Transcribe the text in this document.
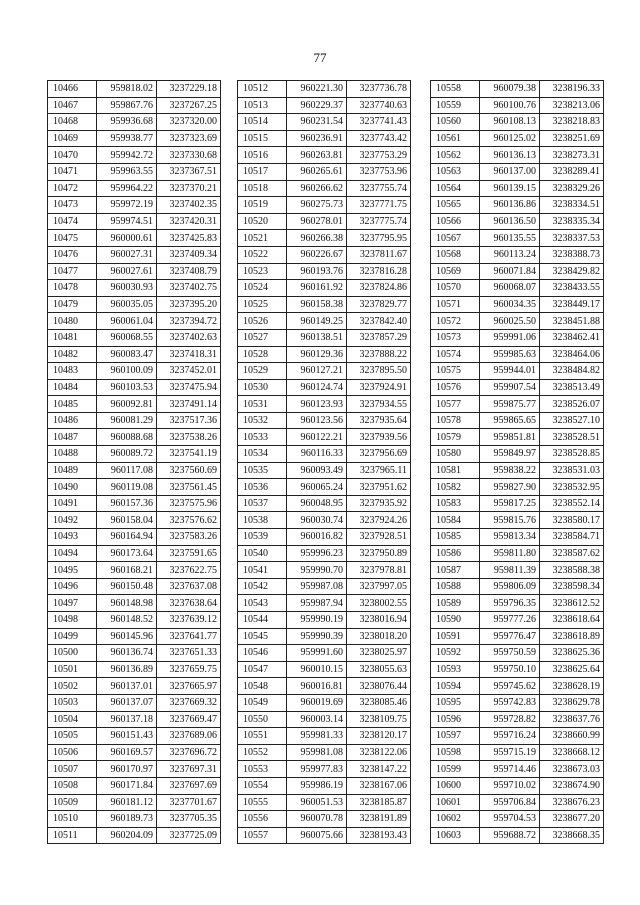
77
10466	959818.02	3237229.18
10467	959867.76	3237267.25
10468	959936.68	3237320.00
10469	959938.77	3237323.69
10470	959942.72	3237330.68
10471	959963.55	3237367.51
10472	959964.22	3237370.21
10473	959972.19	3237402.35
10474	959974.51	3237420.31
10475	960000.61	3237425.83
10476	960027.31	3237409.34
10477	960027.61	3237408.79
10478	960030.93	3237402.75
10479	960035.05	3237395.20
10480	960061.04	3237394.72
10481	960068.55	3237402.63
10482	960083.47	3237418.31
10483	960100.09	3237452.01
10484	960103.53	3237475.94
10485	960092.81	3237491.14
10486	960081.29	3237517.36
10487	960088.68	3237538.26
10488	960089.72	3237541.19
10489	960117.08	3237560.69
10490	960119.08	3237561.45
10491	960157.36	3237575.96
10492	960158.04	3237576.62
10493	960164.94	3237583.26
10494	960173.64	3237591.65
10495	960168.21	3237622.75
10496	960150.48	3237637.08
10497	960148.98	3237638.64
10498	960148.52	3237639.12
10499	960145.96	3237641.77
10500	960136.74	3237651.33
10501	960136.89	3237659.75
10502	960137.01	3237665.97
10503	960137.07	3237669.32
10504	960137.18	3237669.47
10505	960151.43	3237689.06
10506	960169.57	3237696.72
10507	960170.97	3237697.31
10508	960171.84	3237697.69
10509	960181.12	3237701.67
10510	960189.73	3237705.35
10511	960204.09	3237725.09
10512	960221.30	3237736.78
10513	960229.37	3237740.63
10514	960231.54	3237741.43
10515	960236.91	3237743.42
10516	960263.81	3237753.29
10517	960265.61	3237753.96
10518	960266.62	3237755.74
10519	960275.73	3237771.75
10520	960278.01	3237775.74
10521	960266.38	3237795.95
10522	960226.67	3237811.67
10523	960193.76	3237816.28
10524	960161.92	3237824.86
10525	960158.38	3237829.77
10526	960149.25	3237842.40
10527	960138.51	3237857.29
10528	960129.36	3237888.22
10529	960127.21	3237895.50
10530	960124.74	3237924.91
10531	960123.93	3237934.55
10532	960123.56	3237935.64
10533	960122.21	3237939.56
10534	960116.33	3237956.69
10535	960093.49	3237965.11
10536	960065.24	3237951.62
10537	960048.95	3237935.92
10538	960030.74	3237924.26
10539	960016.82	3237928.51
10540	959996.23	3237950.89
10541	959990.70	3237978.81
10542	959987.08	3237997.05
10543	959987.94	3238002.55
10544	959990.19	3238016.94
10545	959990.39	3238018.20
10546	959991.60	3238025.97
10547	960010.15	3238055.63
10548	960016.81	3238076.44
10549	960019.69	3238085.46
10550	960003.14	3238109.75
10551	959981.33	3238120.17
10552	959981.08	3238122.06
10553	959977.83	3238147.22
10554	959986.19	3238167.06
10555	960051.53	3238185.87
10556	960070.78	3238191.89
10557	960075.66	3238193.43
10558	960079.38	3238196.33
10559	960100.76	3238213.06
10560	960108.13	3238218.83
10561	960125.02	3238251.69
10562	960136.13	3238273.31
10563	960137.00	3238289.41
10564	960139.15	3238329.26
10565	960136.86	3238334.51
10566	960136.50	3238335.34
10567	960135.55	3238337.53
10568	960113.24	3238388.73
10569	960071.84	3238429.82
10570	960068.07	3238433.55
10571	960034.35	3238449.17
10572	960025.50	3238451.88
10573	959991.06	3238462.41
10574	959985.63	3238464.06
10575	959944.01	3238484.82
10576	959907.54	3238513.49
10577	959875.77	3238526.07
10578	959865.65	3238527.10
10579	959851.81	3238528.51
10580	959849.97	3238528.85
10581	959838.22	3238531.03
10582	959827.90	3238532.95
10583	959817.25	3238552.14
10584	959815.76	3238580.17
10585	959813.34	3238584.71
10586	959811.80	3238587.62
10587	959811.39	3238588.38
10588	959806.09	3238598.34
10589	959796.35	3238612.52
10590	959777.26	3238618.64
10591	959776.47	3238618.89
10592	959750.59	3238625.36
10593	959750.10	3238625.64
10594	959745.62	3238628.19
10595	959742.83	3238629.78
10596	959728.82	3238637.76
10597	959716.24	3238660.99
10598	959715.19	3238668.12
10599	959714.46	3238673.03
10600	959710.02	3238674.90
10601	959706.84	3238676.23
10602	959704.53	3238677.20
10603	959688.72	3238668.35
